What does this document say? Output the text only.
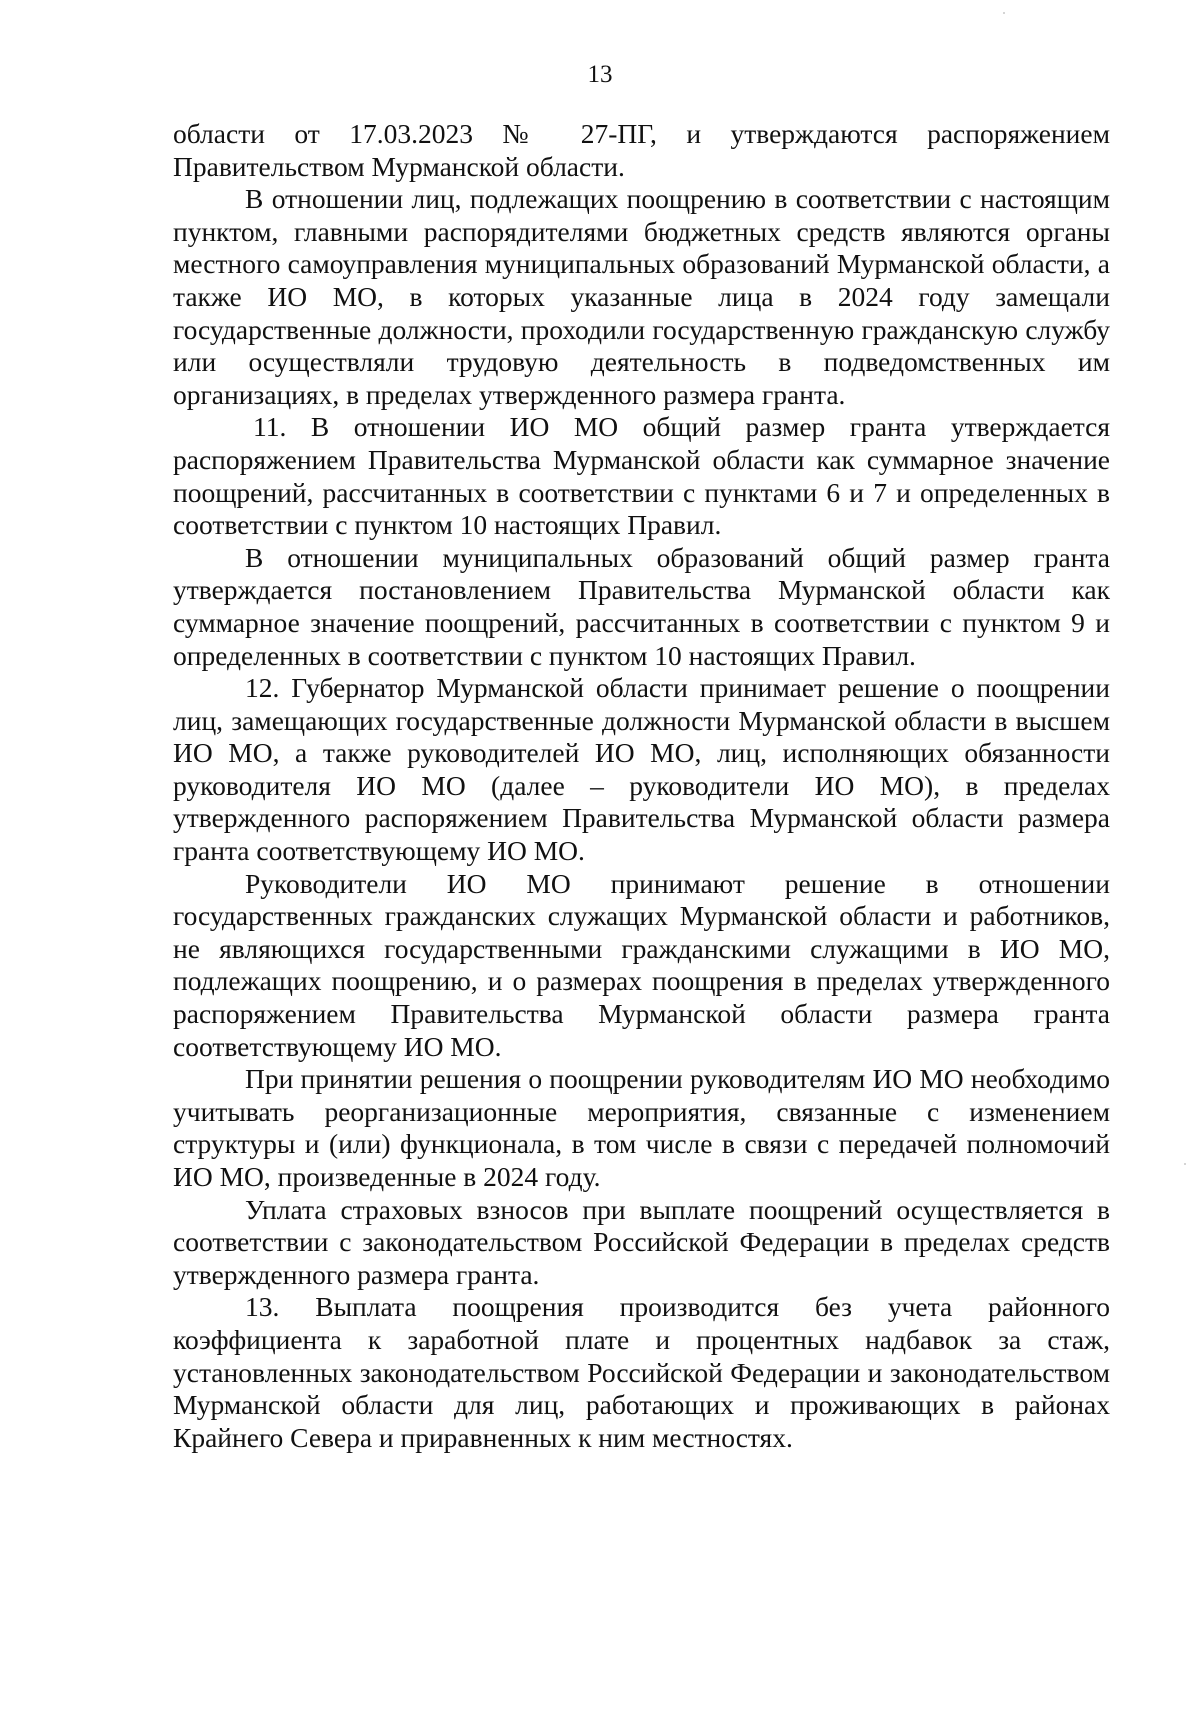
13

области от 17.03.2023 № 27-ПГ, и утверждаются распоряжением Правительством Мурманской области.

В отношении лиц, подлежащих поощрению в соответствии с настоящим пунктом, главными распорядителями бюджетных средств являются органы местного самоуправления муниципальных образований Мурманской области, а также ИО МО, в которых указанные лица в 2024 году замещали государственные должности, проходили государственную гражданскую службу или осуществляли трудовую деятельность в подведомственных им организациях, в пределах утвержденного размера гранта.

11. В отношении ИО МО общий размер гранта утверждается распоряжением Правительства Мурманской области как суммарное значение поощрений, рассчитанных в соответствии с пунктами 6 и 7 и определенных в соответствии с пунктом 10 настоящих Правил.

В отношении муниципальных образований общий размер гранта утверждается постановлением Правительства Мурманской области как суммарное значение поощрений, рассчитанных в соответствии с пунктом 9 и определенных в соответствии с пунктом 10 настоящих Правил.

12. Губернатор Мурманской области принимает решение о поощрении лиц, замещающих государственные должности Мурманской области в высшем ИО МО, а также руководителей ИО МО, лиц, исполняющих обязанности руководителя ИО МО (далее – руководители ИО МО), в пределах утвержденного распоряжением Правительства Мурманской области размера гранта соответствующему ИО МО.

Руководители ИО МО принимают решение в отношении государственных гражданских служащих Мурманской области и работников, не являющихся государственными гражданскими служащими в ИО МО, подлежащих поощрению, и о размерах поощрения в пределах утвержденного распоряжением Правительства Мурманской области размера гранта соответствующему ИО МО.

При принятии решения о поощрении руководителям ИО МО необходимо учитывать реорганизационные мероприятия, связанные с изменением структуры и (или) функционала, в том числе в связи с передачей полномочий ИО МО, произведенные в 2024 году.

Уплата страховых взносов при выплате поощрений осуществляется в соответствии с законодательством Российской Федерации в пределах средств утвержденного размера гранта.

13. Выплата поощрения производится без учета районного коэффициента к заработной плате и процентных надбавок за стаж, установленных законодательством Российской Федерации и законодательством Мурманской области для лиц, работающих и проживающих в районах Крайнего Севера и приравненных к ним местностях.
